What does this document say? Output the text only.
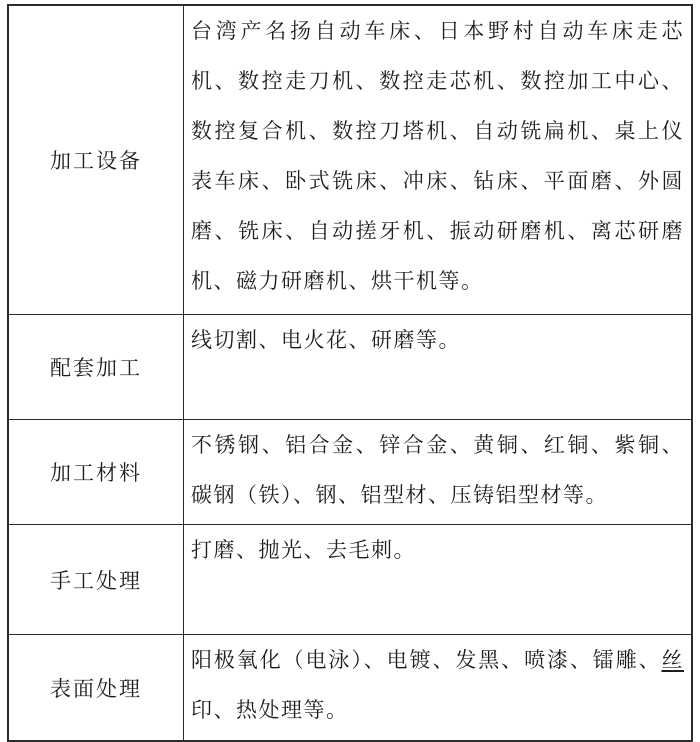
加工设备	台湾产名扬自动车床、日本野村自动车床走芯机、数控走刀机、数控走芯机、数控加工中心、数控复合机、数控刀塔机、自动铣扁机、桌上仪表车床、卧式铣床、冲床、钻床、平面磨、外圆磨、铣床、自动搓牙机、振动研磨机、离芯研磨机、磁力研磨机、烘干机等。
配套加工	线切割、电火花、研磨等。
加工材料	不锈钢、铝合金、锌合金、黄铜、红铜、紫铜、碳钢（铁）、钢、铝型材、压铸铝型材等。
手工处理	打磨、抛光、去毛刺。
表面处理	阳极氧化（电泳）、电镀、发黑、喷漆、镭雕、丝印、热处理等。
